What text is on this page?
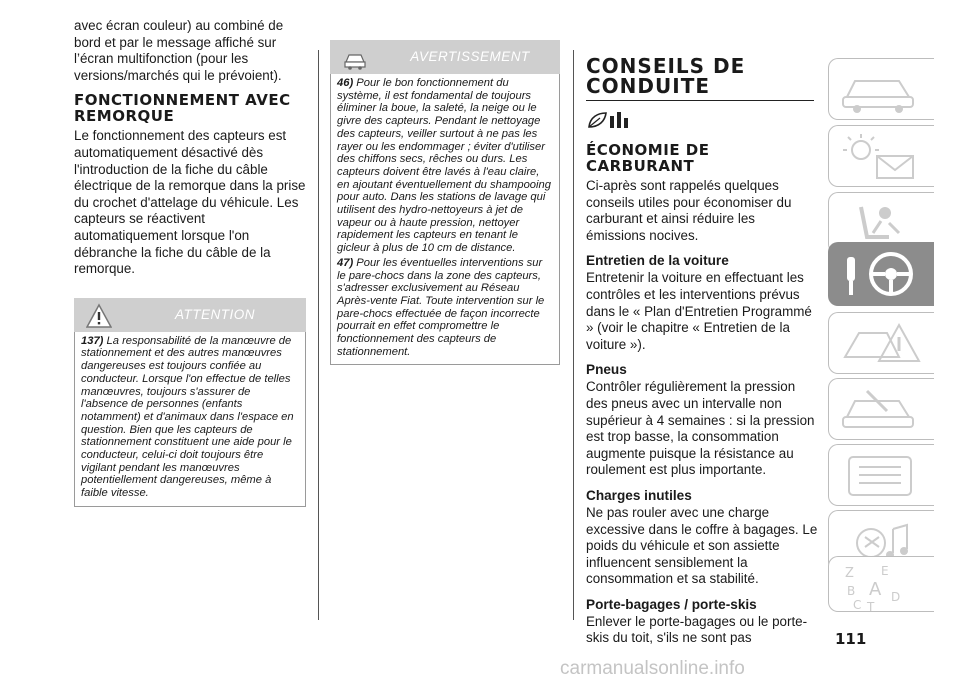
avec écran couleur) au combiné de bord et par le message affiché sur l’écran multifonction (pour les versions/marchés qui le prévoient).

FONCTIONNEMENT AVEC REMORQUE

Le fonctionnement des capteurs est automatiquement désactivé dès l'introduction de la fiche du câble électrique de la remorque dans la prise du crochet d'attelage du véhicule. Les capteurs se réactivent automatiquement lorsque l'on débranche la fiche du câble de la remorque.

ATTENTION

137) La responsabilité de la manœuvre de stationnement et des autres manœuvres dangereuses est toujours confiée au conducteur. Lorsque l'on effectue de telles manœuvres, toujours s'assurer de l'absence de personnes (enfants notamment) et d'animaux dans l'espace en question. Bien que les capteurs de stationnement constituent une aide pour le conducteur, celui-ci doit toujours être vigilant pendant les manœuvres potentiellement dangereuses, même à faible vitesse.

AVERTISSEMENT

46) Pour le bon fonctionnement du système, il est fondamental de toujours éliminer la boue, la saleté, la neige ou le givre des capteurs. Pendant le nettoyage des capteurs, veiller surtout à ne pas les rayer ou les endommager ; éviter d'utiliser des chiffons secs, rêches ou durs. Les capteurs doivent être lavés à l'eau claire, en ajoutant éventuellement du shampooing pour auto. Dans les stations de lavage qui utilisent des hydro-nettoyeurs à jet de vapeur ou à haute pression, nettoyer rapidement les capteurs en tenant le gicleur à plus de 10 cm de distance.

47) Pour les éventuelles interventions sur le pare-chocs dans la zone des capteurs, s'adresser exclusivement au Réseau Après-vente Fiat. Toute intervention sur le pare-chocs effectuée de façon incorrecte pourrait en effet compromettre le fonctionnement des capteurs de stationnement.

CONSEILS DE CONDUITE
ÉCONOMIE DE CARBURANT

Ci-après sont rappelés quelques conseils utiles pour économiser du carburant et ainsi réduire les émissions nocives.

Entretien de la voiture

Entretenir la voiture en effectuant les contrôles et les interventions prévus dans le « Plan d'Entretien Programmé » (voir le chapitre « Entretien de la voiture »).

Pneus

Contrôler régulièrement la pression des pneus avec un intervalle non supérieur à 4 semaines : si la pression est trop basse, la consommation augmente puisque la résistance au roulement est plus importante.

Charges inutiles

Ne pas rouler avec une charge excessive dans le coffre à bagages. Le poids du véhicule et son assiette influencent sensiblement la consommation et sa stabilité.

Porte-bagages / porte-skis

Enlever le porte-bagages ou le porte-skis du toit, s'ils ne sont pas	111
Z E
B A
C T
D
carmanualsonline.info
